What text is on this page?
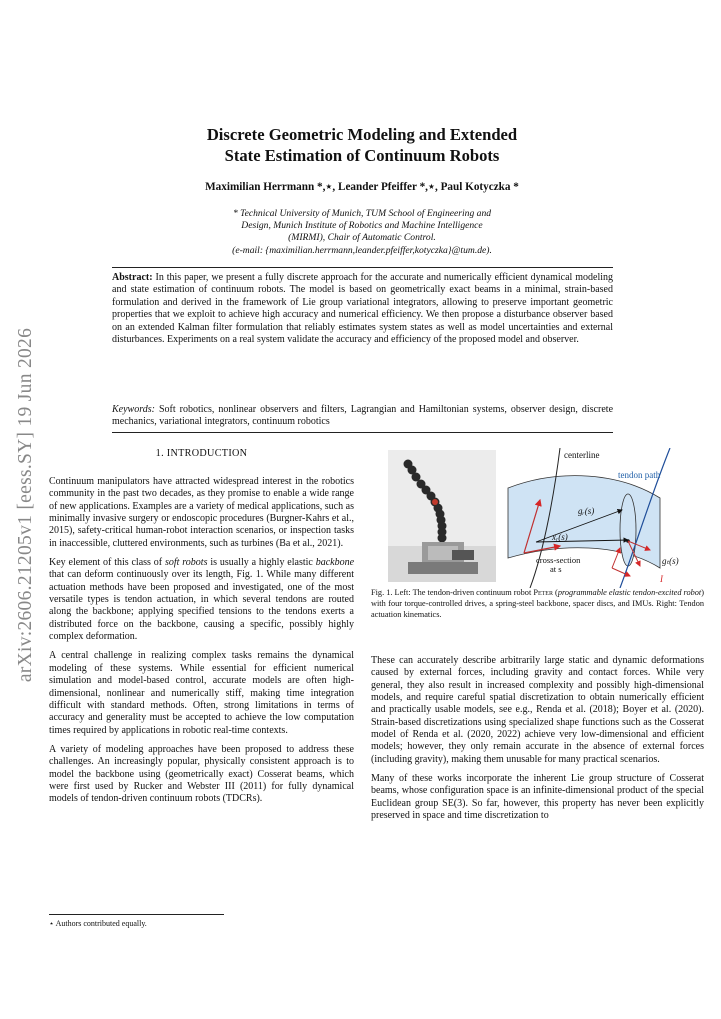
arXiv:2606.21205v1 [eess.SY] 19 Jun 2026
Discrete Geometric Modeling and Extended
State Estimation of Continuum Robots
Maximilian Herrmann *,⋆, Leander Pfeiffer *,⋆, Paul Kotyczka *
* Technical University of Munich, TUM School of Engineering and
Design, Munich Institute of Robotics and Machine Intelligence
(MIRMI), Chair of Automatic Control.
(e-mail: {maximilian.herrmann,leander.pfeiffer,kotyczka}@tum.de).
Abstract: In this paper, we present a fully discrete approach for the accurate and numerically efficient dynamical modeling and state estimation of continuum robots. The model is based on geometrically exact beams in a minimal, strain-based formulation and derived in the framework of Lie group variational integrators, allowing to preserve important geometric properties that we exploit to achieve high accuracy and numerical efficiency. We then propose a disturbance observer based on an extended Kalman filter formulation that reliably estimates system states as well as model uncertainties and external disturbances. Experiments on a real system validate the accuracy and efficiency of the proposed model and observer.
Keywords: Soft robotics, nonlinear observers and filters, Lagrangian and Hamiltonian systems, observer design, discrete mechanics, variational integrators, continuum robotics
1. INTRODUCTION

Continuum manipulators have attracted widespread interest in the robotics community in the past two decades, as they promise to enable a wide range of new applications. Examples are a variety of medical applications, such as minimally invasive surgery or endoscopic procedures (Burgner-Kahrs et al., 2015), safety-critical human-robot interaction scenarios, or inspection tasks in inaccessible, cluttered environments, such as turbines (Ba et al., 2021).

Key element of this class of soft robots is usually a highly elastic backbone that can deform continuously over its length, Fig. 1. While many different actuation methods have been proposed and investigated, one of the most versatile types is tendon actuation, in which several tendons are routed along the backbone; applying specified tensions to the tendons exerts a distributed force on the backbone, causing a specific, possibly highly complex deformation.

A central challenge in realizing complex tasks remains the dynamical modeling of these systems. While essential for efficient numerical simulation and model-based control, accurate models are often high-dimensional, nonlinear and numerically stiff, making time integration difficult with standard methods. Often, strong limitations in terms of accuracy and generality must be accepted to achieve the low computation times required by applications in robotic real-time contexts.

A variety of modeling approaches have been proposed to address these challenges. An increasingly popular, physically consistent approach is to model the backbone using (geometrically exact) Cosserat beams, which were first used by Rucker and Webster III (2011) for fully dynamical models of tendon-driven continuum robots (TDCRs).

⋆ Authors contributed equally.
centerline
tendon path
gᵣ(s)
xᵣ(s)
cross-section
at s
gₜ(s)
I
Fig. 1. Left: The tendon-driven continuum robot Peter (programmable elastic tendon-excited robot) with four torque-controlled drives, a spring-steel backbone, spacer discs, and IMUs. Right: Tendon actuation kinematics.

These can accurately describe arbitrarily large static and dynamic deformations caused by external forces, including gravity and contact forces. While very general, they also result in increased complexity and possibly high-dimensional models, and require careful spatial discretization to obtain numerically efficient and practically usable models, see e.g., Renda et al. (2018); Boyer et al. (2020). Strain-based discretizations using specialized shape functions such as the Cosserat model of Renda et al. (2020, 2022) achieve very low-dimensional and efficient models; however, they only remain accurate in the absence of external forces (including gravity), making them unusable for many practical scenarios.

Many of these works incorporate the inherent Lie group structure of Cosserat beams, whose configuration space is an infinite-dimensional product of the special Euclidean group SE(3). So far, however, this property has never been explicitly preserved in space and time discretization to
